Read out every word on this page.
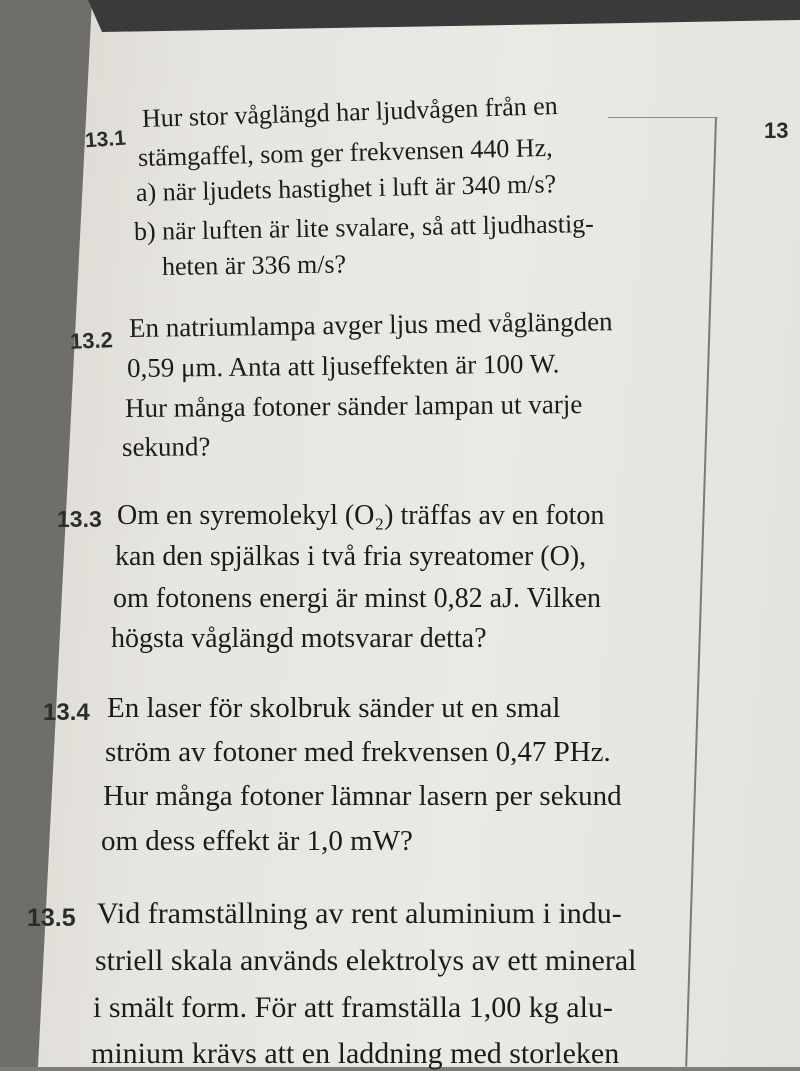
13
13.1
Hur stor våglängd har ljudvågen från en
stämgaffel, som ger frekvensen 440 Hz,
a) när ljudets hastighet i luft är 340 m/s?
b) när luften är lite svalare, så att ljudhastig-
heten är 336 m/s?
13.2 En natriumlampa avger ljus med våglängden
0,59 μm. Anta att ljuseffekten är 100 W.
Hur många fotoner sänder lampan ut varje
sekund?
13.3 Om en syremolekyl (O₂) träffas av en foton
kan den spjälkas i två fria syreatomer (O),
om fotonens energi är minst 0,82 aJ. Vilken
högsta våglängd motsvarar detta?
13.4 En laser för skolbruk sänder ut en smal
ström av fotoner med frekvensen 0,47 PHz.
Hur många fotoner lämnar lasern per sekund
om dess effekt är 1,0 mW?
13.5 Vid framställning av rent aluminium i indu-
striell skala används elektrolys av ett mineral
i smält form. För att framställa 1,00 kg alu-
minium krävs att en laddning med storleken
